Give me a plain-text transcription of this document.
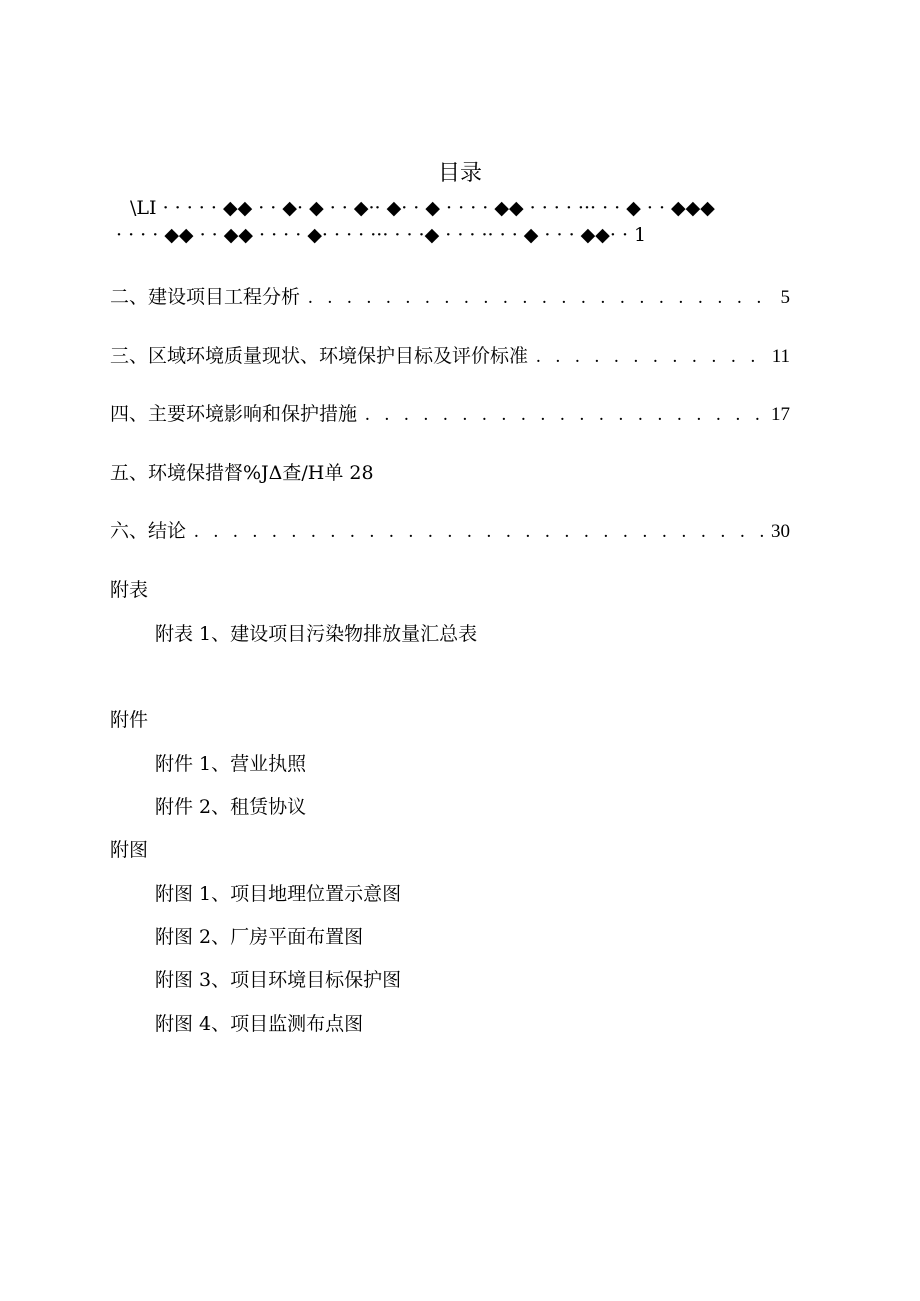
目录
\LI · · · · · ◆◆ · · ◆· ◆ · · ◆·· ◆· · ◆ · · · · ◆◆ · · · · ··· · · ◆ · · ◆◆◆
· · · · ◆◆ · · ◆◆ · · · · ◆· · · · ··· · · ·◆ · · · ·· · · ◆ · · · ◆◆· · 1
二、建设项目工程分析 . . .	5
三、区域环境质量现状、环境保护目标及评价标准 . . .	11
四、主要环境影响和保护措施 . . .	17
五、环境保措督%JΔ查/H单 28
六、结论 . . .	30
附表
附表 1、建设项目污染物排放量汇总表
附件
附件 1、营业执照
附件 2、租赁协议
附图
附图 1、项目地理位置示意图
附图 2、厂房平面布置图
附图 3、项目环境目标保护图
附图 4、项目监测布点图
